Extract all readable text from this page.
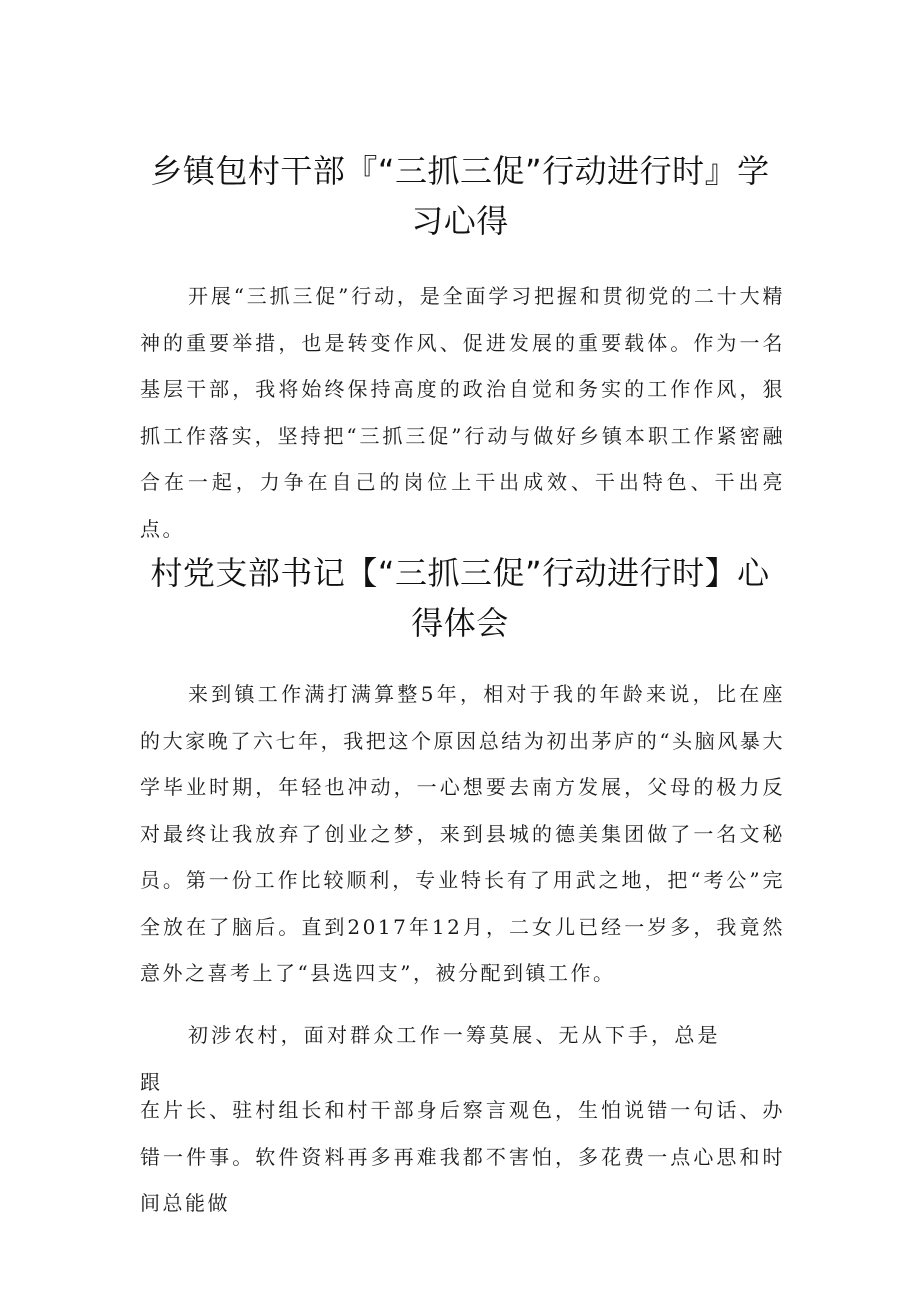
乡镇包村干部『“三抓三促”行动进行时』学习心得

开展“三抓三促”行动，是全面学习把握和贯彻党的二十大精神的重要举措，也是转变作风、促进发展的重要载体。作为一名基层干部，我将始终保持高度的政治自觉和务实的工作作风，狠抓工作落实，坚持把“三抓三促”行动与做好乡镇本职工作紧密融合在一起，力争在自己的岗位上干出成效、干出特色、干出亮点。

村党支部书记【“三抓三促”行动进行时】心得体会

来到镇工作满打满算整5年，相对于我的年龄来说，比在座的大家晚了六七年，我把这个原因总结为初出茅庐的“头脑风暴大学毕业时期，年轻也冲动，一心想要去南方发展，父母的极力反对最终让我放弃了创业之梦，来到县城的德美集团做了一名文秘员。第一份工作比较顺利，专业特长有了用武之地，把“考公”完全放在了脑后。直到2017年12月，二女儿已经一岁多，我竟然意外之喜考上了“县选四支”，被分配到镇工作。

初涉农村，面对群众工作一筹莫展、无从下手，总是跟

在片长、驻村组长和村干部身后察言观色，生怕说错一句话、办错一件事。软件资料再多再难我都不害怕，多花费一点心思和时间总能做
